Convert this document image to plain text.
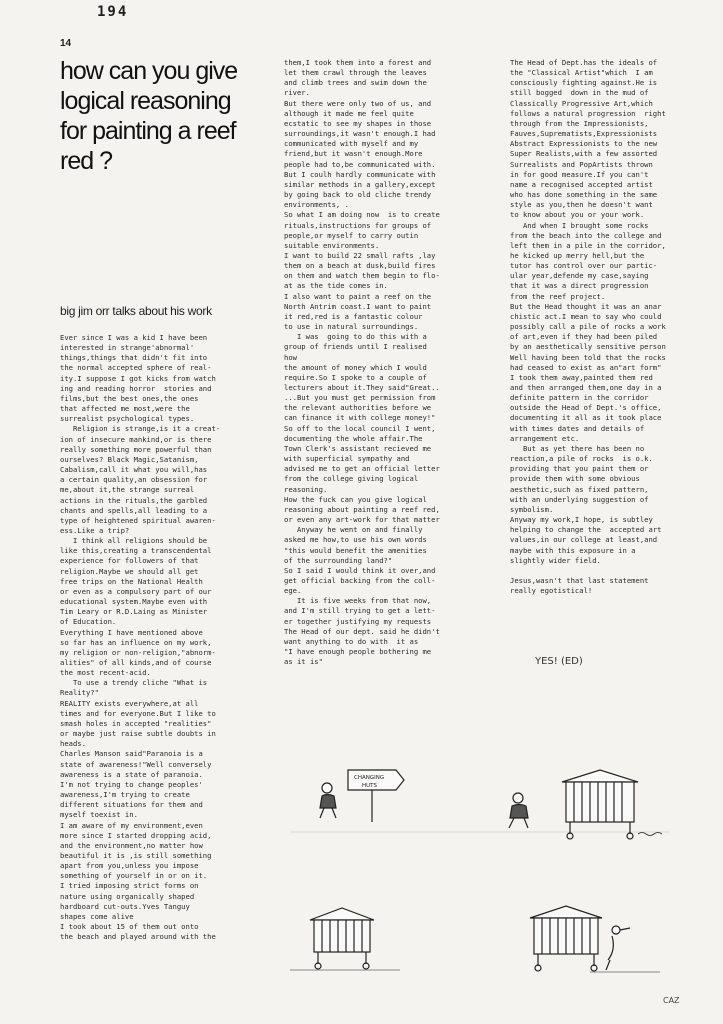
194
14
how can you give logical reasoning for painting a reef red ?
big jim orr talks about his work
Ever since I was a kid I have been
interested in strange'abnormal'
things,things that didn't fit into
the normal accepted sphere of real-
ity.I suppose I got kicks from watch
ing and reading horror  stories and
films,but the best ones,the ones
that affected me most,were the
surrealist psychological types.
Religion is strange,is it a creat-
ion of insecure mankind,or is there
really something more powerful than
ourselves? Black Magic,Satanism,
Cabalism,call it what you will,has
a certain quality,an obsession for
me,about it,the strange surreal
actions in the rituals,the garbled
chants and spells,all leading to a
type of heightened spiritual awaren-
ess.Like a trip?
I think all religions should be
like this,creating a transcendental
experience for followers of that
religion.Maybe we should all get
free trips on the National Health
or even as a compulsory part of our
educational system.Maybe even with
Tim Leary or R.D.Laing as Minister
of Education.
Everything I have mentioned above
so far has an influence on my work,
my religion or non-religion,"abnorm-
alities" of all kinds,and of course
the most recent-acid.
To use a trendy cliche "What is
Reality?"
REALITY exists everywhere,at all
times and for everyone.But I like to
smash holes in accepted "realities"
or maybe just raise subtle doubts in
heads.
Charles Manson said"Paranoia is a
state of awareness!"Well conversely
awareness is a state of paranoia.
I'm not trying to change peoples'
awareness,I'm trying to create
different situations for them and
myself toexist in.
I am aware of my environment,even
more since I started dropping acid,
and the environment,no matter how
beautiful it is ,is still something
apart from you,unless you impose
something of yourself in or on it.
I tried imposing strict forms on
nature using organically shaped
hardboard cut-outs.Yves Tanguy
shapes come alive
I took about 15 of them out onto
the beach and played around with the
them,I took them into a forest and
let them crawl through the leaves
and climb trees and swim down the
river.
But there were only two of us, and
although it made me feel quite
ecstatic to see my shapes in those
surroundings,it wasn't enough.I had
communicated with myself and my
friend,but it wasn't enough.More
people had to,be communicated with.
But I coulh hardly communicate with
similar methods in a gallery,except
by going back to old cliche trendy
environments, .
So what I am doing now  is to create
rituals,instructions for groups of
people,or myself to carry outin
suitable environments.
I want to build 22 small rafts ,lay
them on a beach at dusk,build fires
on them and watch them begin to flo-
at as the tide comes in.
I also want to paint a reef on the
North Antrim coast.I want to paint
it red,red is a fantastic colour
to use in natural surroundings.
I was  going to do this with a
group of friends until I realised
how
the amount of money which I would
require.So I spoke to a couple of
lecturers about it.They said"Great..
...But you must get permission from
the relevant authorities before we
can finance it with college money!"
So off to the local council I went,
documenting the whole affair.The
Town Clerk's assistant recieved me
with superficial sympathy and
advised me to get an official letter
from the college giving logical
reasoning.
How the fuck can you give logical
reasoning about painting a reef red,
or even any art-work for that matter
Anyway he went on and finally
asked me how,to use his own words
"this would benefit the amenities
of the surrounding land?"
So I said I would think it over,and
get official backing from the coll-
ege.
It is five weeks from that now,
and I'm still trying to get a lett-
er together justifying my requests
The Head of our dept. said he didn't
want anything to do with  it as
"I have enough people bothering me
as it is"
The Head of Dept.has the ideals of
the "Classical Artist"which  I am
consciously fighting against.He is
still bogged  down in the mud of
Classically Progressive Art,which
follows a natural progression  right
through from the Impressionists,
Fauves,Suprematists,Expressionists
Abstract Expressionists to the new
Super Realists,with a few assorted
Surrealists and PopArtists thrown
in for good measure.If you can't
name a recognised accepted artist
who has done something in the same
style as you,then he doesn't want
to know about you or your work.
And when I brought some rocks
from the beach into the college and
left them in a pile in the corridor,
he kicked up merry hell,but the
tutor has control over our partic-
ular year,defende my case,saying
that it was a direct progression
from the reef project.
But the Head thought it was an anar
chistic act.I mean to say who could
possibly call a pile of rocks a work
of art,even if they had been piled
by an aesthetically sensitive person
Well having been told that the rocks
had ceased to exist as an"art form"
I took them away,painted them red
and then arranged them,one day in a
definite pattern in the corridor
outside the Head of Dept.'s office,
documenting it all as it took place
with times dates and details of
arrangement etc.
But as yet there has been no
reaction,a pile of rocks  is o.k.
providing that you paint them or
provide them with some obvious
aesthetic,such as fixed pattern,
with an underlying suggestion of
symbolism.
Anyway my work,I hope, is subtley
helping to change the  accepted art
values,in our college at least,and
maybe with this exposure in a
slightly wider field.

Jesus,wasn't that last statement
really egotistical!
YES! (ED)
CHANGING
HUTS
CAZ
